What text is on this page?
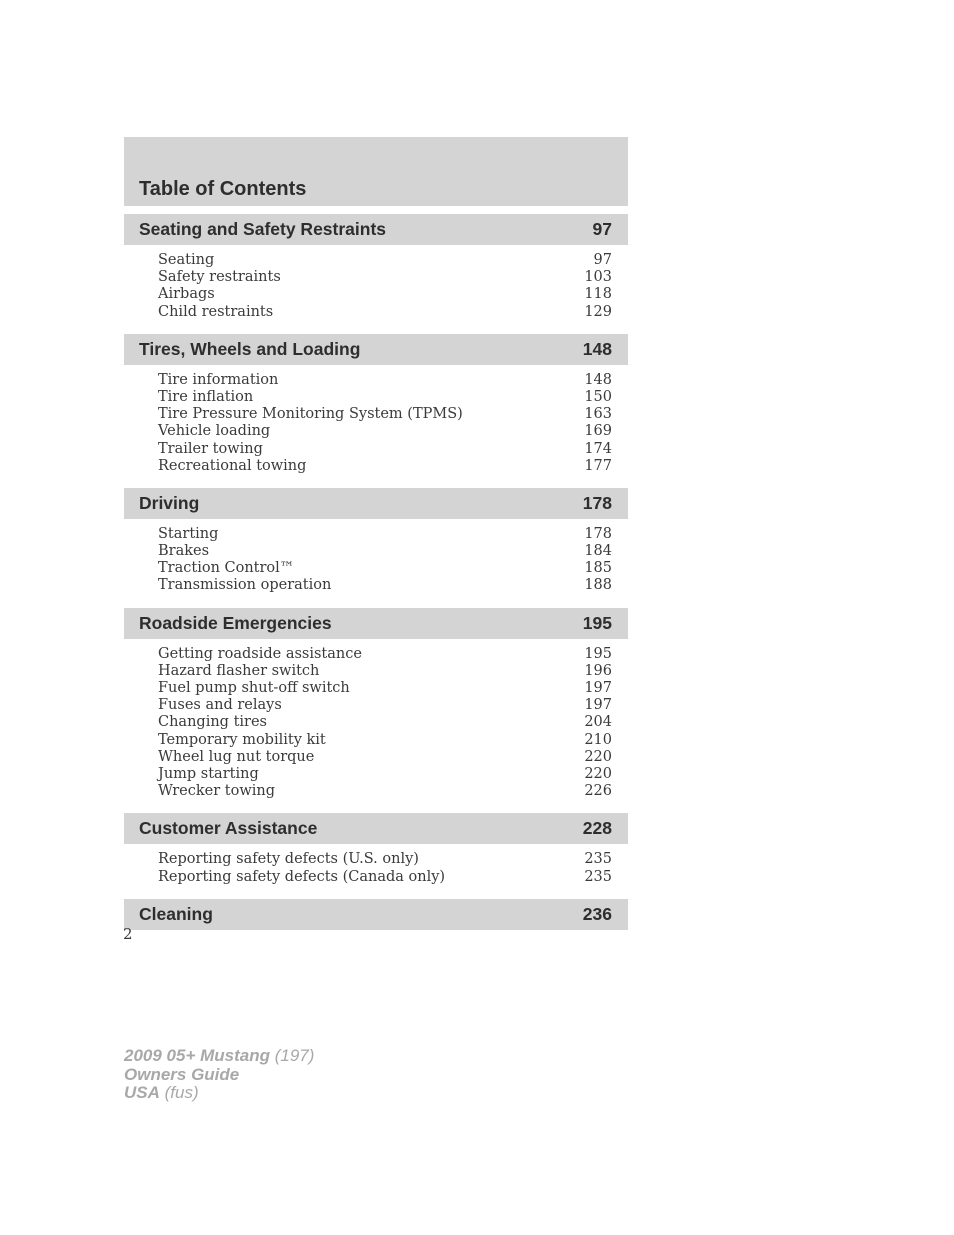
Table of Contents
Seating and Safety Restraints	97
Seating	97
Safety restraints	103
Airbags	118
Child restraints	129
Tires, Wheels and Loading	148
Tire information	148
Tire inflation	150
Tire Pressure Monitoring System (TPMS)	163
Vehicle loading	169
Trailer towing	174
Recreational towing	177
Driving	178
Starting	178
Brakes	184
Traction Control™	185
Transmission operation	188
Roadside Emergencies	195
Getting roadside assistance	195
Hazard flasher switch	196
Fuel pump shut-off switch	197
Fuses and relays	197
Changing tires	204
Temporary mobility kit	210
Wheel lug nut torque	220
Jump starting	220
Wrecker towing	226
Customer Assistance	228
Reporting safety defects (U.S. only)	235
Reporting safety defects (Canada only)	235
Cleaning	236
2
2009 05+ Mustang (197)
Owners Guide
USA (fus)
